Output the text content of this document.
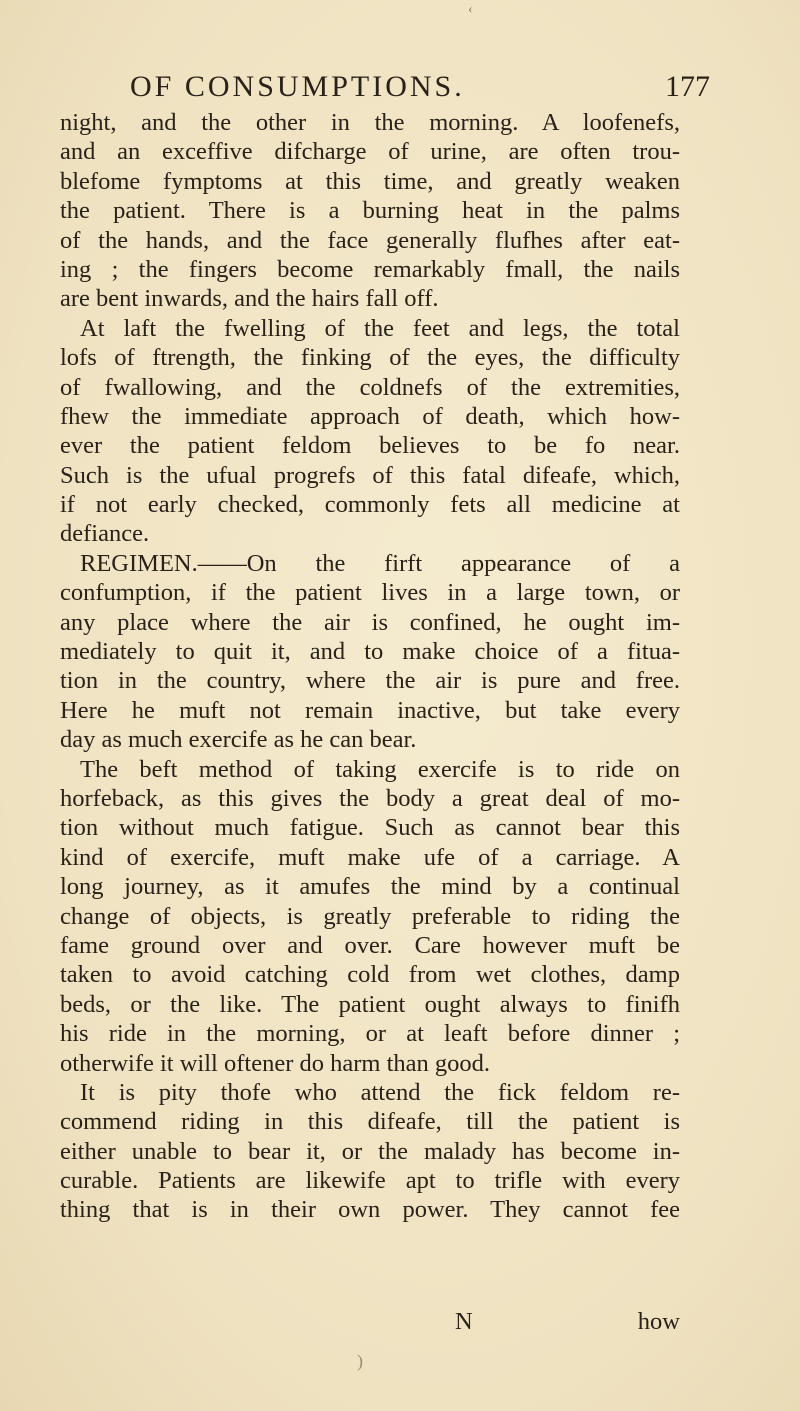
‹
OF CONSUMPTIONS.	177
night, and the other in the morning. A loofenefs,
and an exceffive difcharge of urine, are often trou-
blefome fymptoms at this time, and greatly weaken
the patient. There is a burning heat in the palms
of the hands, and the face generally flufhes after eat-
ing ; the fingers become remarkably fmall, the nails
are bent inwards, and the hairs fall off.
At laft the fwelling of the feet and legs, the total
lofs of ftrength, the finking of the eyes, the difficulty
of fwallowing, and the coldnefs of the extremities,
fhew the immediate approach of death, which how-
ever the patient feldom believes to be fo near.
Such is the ufual progrefs of this fatal difeafe, which,
if not early checked, commonly fets all medicine at
defiance.
REGIMEN.——On the firft appearance of a
confumption, if the patient lives in a large town, or
any place where the air is confined, he ought im-
mediately to quit it, and to make choice of a fitua-
tion in the country, where the air is pure and free.
Here he muft not remain inactive, but take every
day as much exercife as he can bear.
The beft method of taking exercife is to ride on
horfeback, as this gives the body a great deal of mo-
tion without much fatigue. Such as cannot bear this
kind of exercife, muft make ufe of a carriage. A
long journey, as it amufes the mind by a continual
change of objects, is greatly preferable to riding the
fame ground over and over. Care however muft be
taken to avoid catching cold from wet clothes, damp
beds, or the like. The patient ought always to finifh
his ride in the morning, or at leaft before dinner ;
otherwife it will oftener do harm than good.
It is pity thofe who attend the fick feldom re-
commend riding in this difeafe, till the patient is
either unable to bear it, or the malady has become in-
curable. Patients are likewife apt to trifle with every
thing that is in their own power. They cannot fee
N	how
)
